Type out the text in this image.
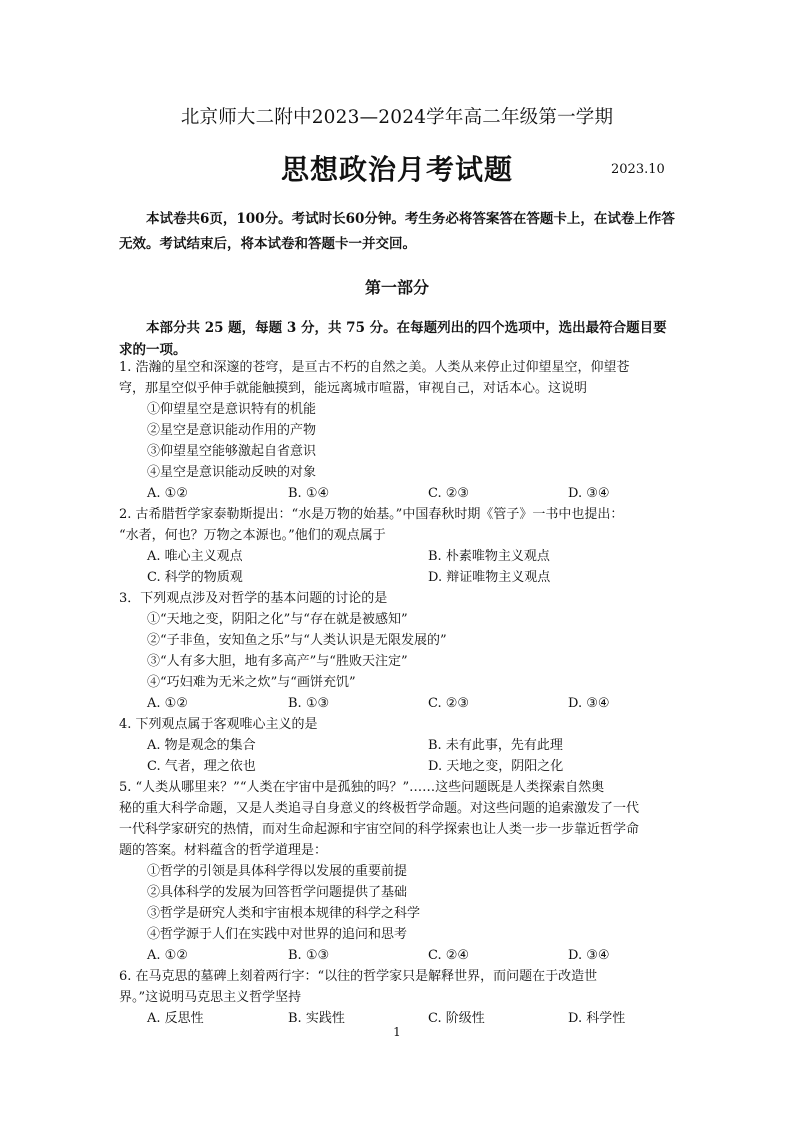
北京师大二附中2023—2024学年高二年级第一学期
思想政治月考试题	2023.10
本试卷共6页，100分。考试时长60分钟。考生务必将答案答在答题卡上，在试卷上作答无效。考试结束后，将本试卷和答题卡一并交回。
第一部分
本部分共 25 题，每题 3 分，共 75 分。在每题列出的四个选项中，选出最符合题目要求的一项。
1. 浩瀚的星空和深邃的苍穹，是亘古不朽的自然之美。人类从来停止过仰望星空，仰望苍
穹，那星空似乎伸手就能触摸到，能远离城市喧嚣，审视自己，对话本心。这说明
①仰望星空是意识特有的机能
②星空是意识能动作用的产物
③仰望星空能够激起自省意识
④星空是意识能动反映的对象
A. ①②	B. ①④	C. ②③	D. ③④
2. 古希腊哲学家泰勒斯提出：“水是万物的始基。”中国春秋时期《管子》一书中也提出：
“水者，何也？万物之本源也。”他们的观点属于
A. 唯心主义观点	B. 朴素唯物主义观点
C. 科学的物质观	D. 辩证唯物主义观点
3．下列观点涉及对哲学的基本问题的讨论的是
①“天地之变，阴阳之化”与“存在就是被感知”
②“子非鱼，安知鱼之乐”与“人类认识是无限发展的”
③“人有多大胆，地有多高产”与“胜败天注定”
④“巧妇难为无米之炊”与“画饼充饥”
A. ①②	B. ①③	C. ②③	D. ③④
4. 下列观点属于客观唯心主义的是
A. 物是观念的集合	B. 未有此事，先有此理
C. 气者，理之依也	D. 天地之变，阴阳之化
5. “人类从哪里来？”“人类在宇宙中是孤独的吗？”……这些问题既是人类探索自然奥
秘的重大科学命题，又是人类追寻自身意义的终极哲学命题。对这些问题的追索激发了一代
一代科学家研究的热情，而对生命起源和宇宙空间的科学探索也让人类一步一步靠近哲学命
题的答案。材料蕴含的哲学道理是：
①哲学的引领是具体科学得以发展的重要前提
②具体科学的发展为回答哲学问题提供了基础
③哲学是研究人类和宇宙根本规律的科学之科学
④哲学源于人们在实践中对世界的追问和思考
A. ①②	B. ①③	C. ②④	D. ③④
6. 在马克思的墓碑上刻着两行字：“以往的哲学家只是解释世界，而问题在于改造世
界。”这说明马克思主义哲学坚持
A. 反思性	B. 实践性	C. 阶级性	D. 科学性
1
